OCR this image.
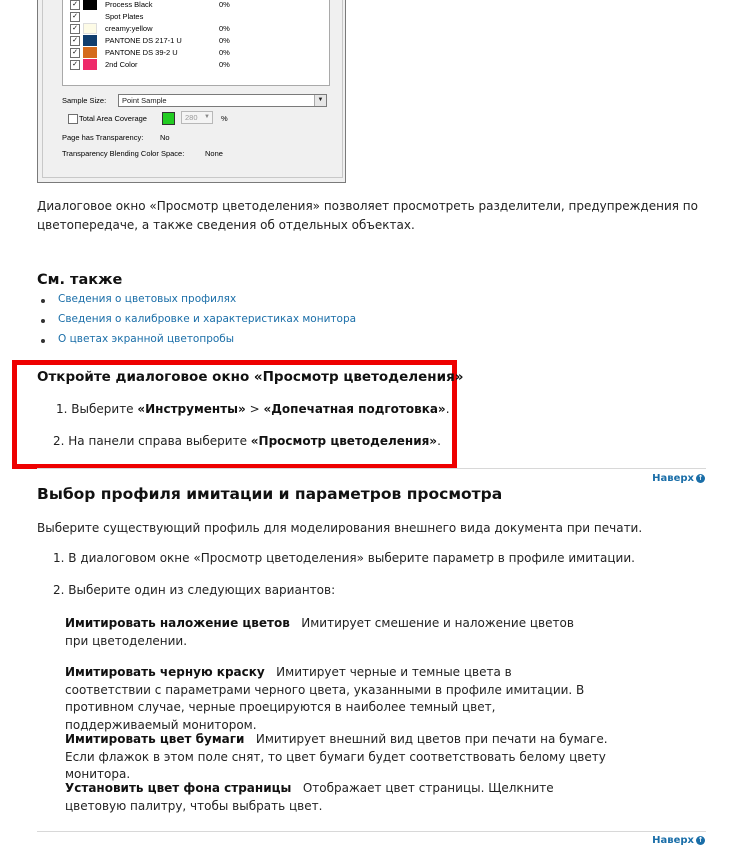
✓	Process Black	0%
✓	Spot Plates
✓	creamy:yellow	0%
✓	PANTONE DS 217-1 U	0%
✓	PANTONE DS 39-2 U	0%
✓	2nd Color	0%
Sample Size:	Point Sample	▼
Total Area Coverage	280 ▼ %
Page has Transparency: No
Transparency Blending Color Space:	None
Диалоговое окно «Просмотр цветоделения» позволяет просмотреть разделители, предупреждения по
цветопередаче, а также сведения об отдельных объектах.
См. также
Сведения о цветовых профилях
Сведения о калибровке и характеристиках монитора
О цветах экранной цветопробы
Откройте диалоговое окно «Просмотр цветоделения»
1. Выберите «Инструменты» > «Допечатная подготовка».
2. На панели справа выберите «Просмотр цветоделения».
Наверх ↑
Выбор профиля имитации и параметров просмотра
Выберите существующий профиль для моделирования внешнего вида документа при печати.
1. В диалоговом окне «Просмотр цветоделения» выберите параметр в профиле имитации.
2. Выберите один из следующих вариантов:
Имитировать наложение цветов Имитирует смешение и наложение цветов при цветоделении.
Имитировать черную краску Имитирует черные и темные цвета в соответствии с параметрами черного цвета, указанными в профиле имитации. В противном случае, черные проецируются в наиболее темный цвет, поддерживаемый монитором.
Имитировать цвет бумаги Имитирует внешний вид цветов при печати на бумаге. Если флажок в этом поле снят, то цвет бумаги будет соответствовать белому цвету монитора.
Установить цвет фона страницы Отображает цвет страницы. Щелкните цветовую палитру, чтобы выбрать цвет.
Наверх ↑
